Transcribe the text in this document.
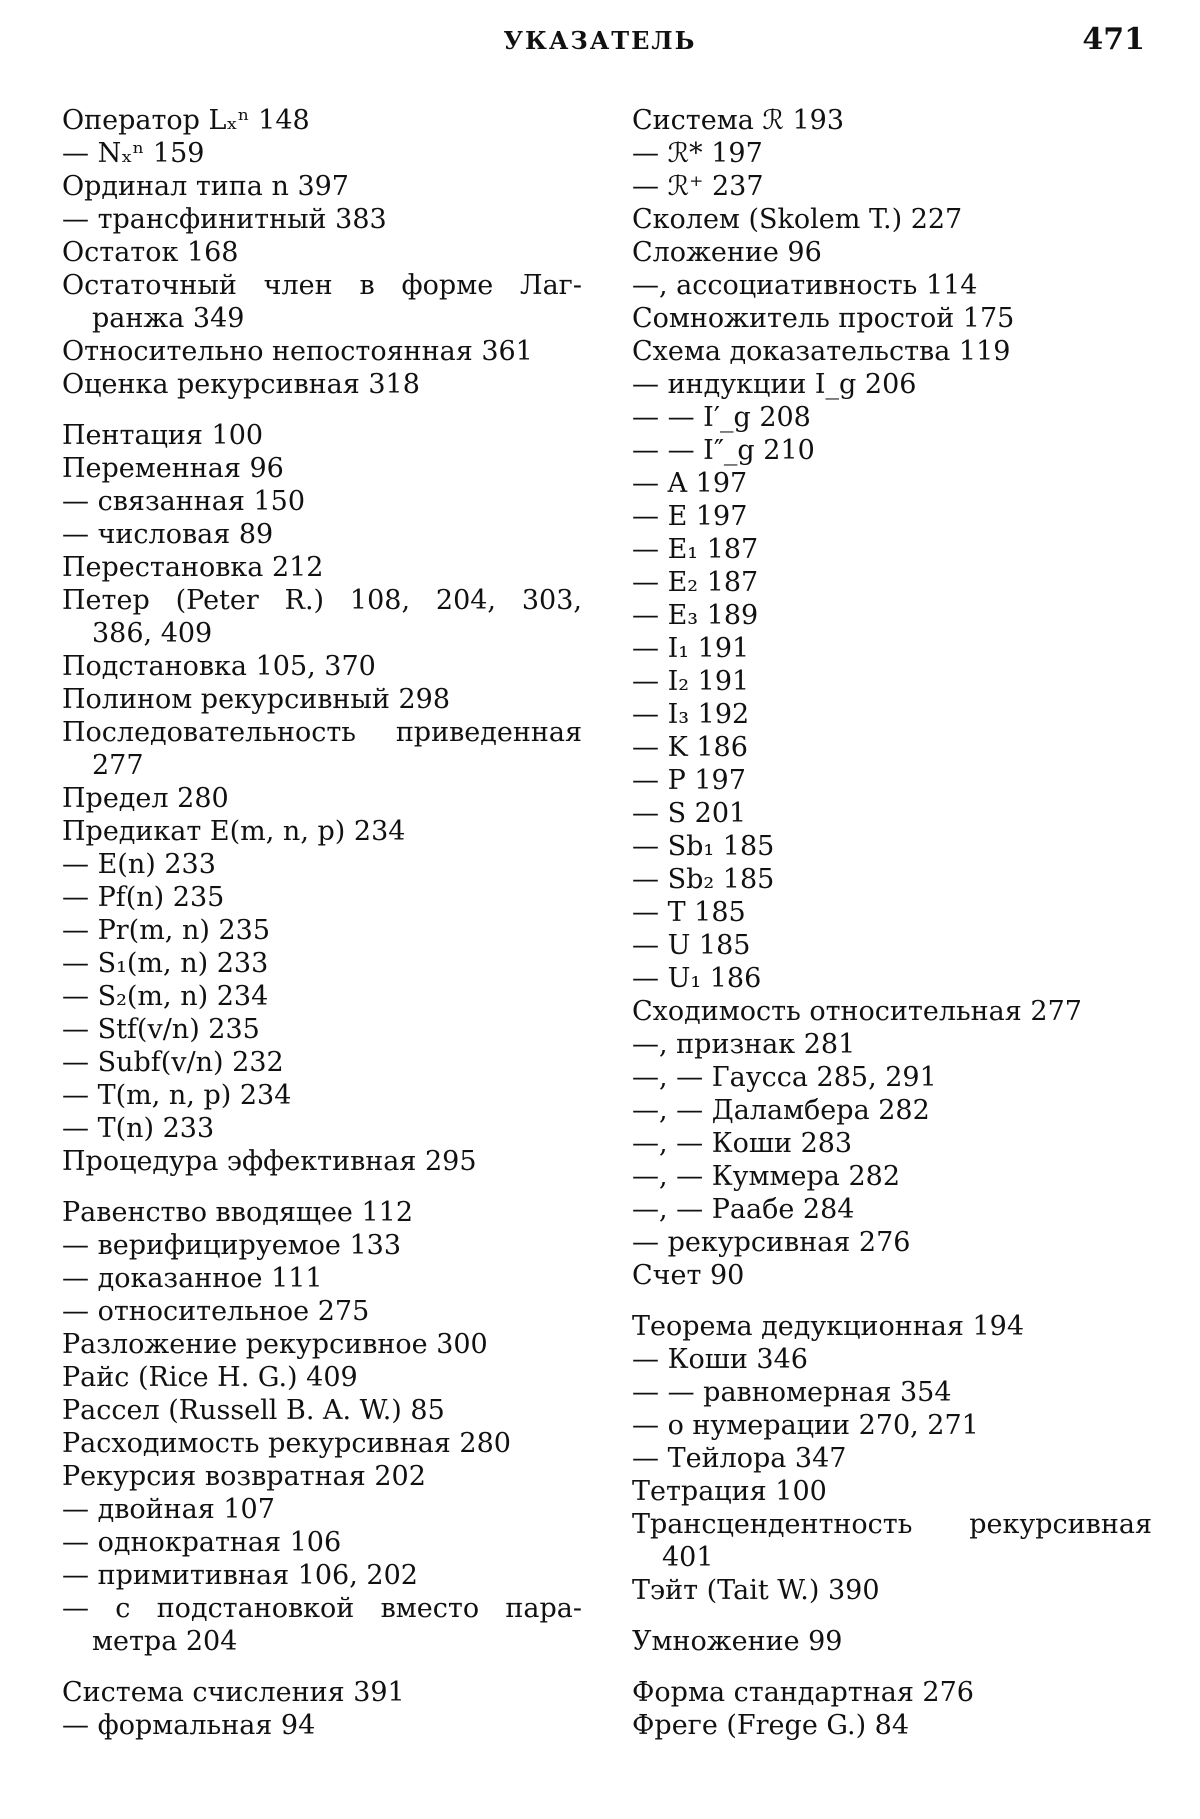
УКАЗАТЕЛЬ	471
Оператор Lₓⁿ 148
— Nₓⁿ 159
Ординал типа n 397
— трансфинитный 383
Остаток 168
Остаточный член в форме Лаг-
ранжа 349
Относительно непостоянная 361
Оценка рекурсивная 318
Пентация 100
Переменная 96
— связанная 150
— числовая 89
Перестановка 212
Петер (Peter R.) 108, 204, 303,
386, 409
Подстановка 105, 370
Полином рекурсивный 298
Последовательность приведенная
277
Предел 280
Предикат E(m, n, p) 234
— E(n) 233
— Pf(n) 235
— Pr(m, n) 235
— S₁(m, n) 233
— S₂(m, n) 234
— Stf(v/n) 235
— Subf(v/n) 232
— T(m, n, p) 234
— T(n) 233
Процедура эффективная 295
Равенство вводящее 112
— верифицируемое 133
— доказанное 111
— относительное 275
Разложение рекурсивное 300
Райс (Rice H. G.) 409
Рассел (Russell B. A. W.) 85
Расходимость рекурсивная 280
Рекурсия возвратная 202
— двойная 107
— однократная 106
— примитивная 106, 202
— с подстановкой вместо пара-
метра 204
Система счисления 391
— формальная 94
Система ℛ 193
— ℛ* 197
— ℛ⁺ 237
Сколем (Skolem T.) 227
Сложение 96
—, ассоциативность 114
Сомножитель простой 175
Схема доказательства 119
— индукции I_g 206
— — I′_g 208
— — I″_g 210
— A 197
— E 197
— E₁ 187
— E₂ 187
— E₃ 189
— I₁ 191
— I₂ 191
— I₃ 192
— K 186
— P 197
— S 201
— Sb₁ 185
— Sb₂ 185
— T 185
— U 185
— U₁ 186
Сходимость относительная 277
—, признак 281
—, — Гаусса 285, 291
—, — Даламбера 282
—, — Коши 283
—, — Куммера 282
—, — Раабе 284
— рекурсивная 276
Счет 90
Теорема дедукционная 194
— Коши 346
— — равномерная 354
— о нумерации 270, 271
— Тейлора 347
Тетрация 100
Трансцендентность рекурсивная
401
Тэйт (Tait W.) 390
Умножение 99
Форма стандартная 276
Фреге (Frege G.) 84
